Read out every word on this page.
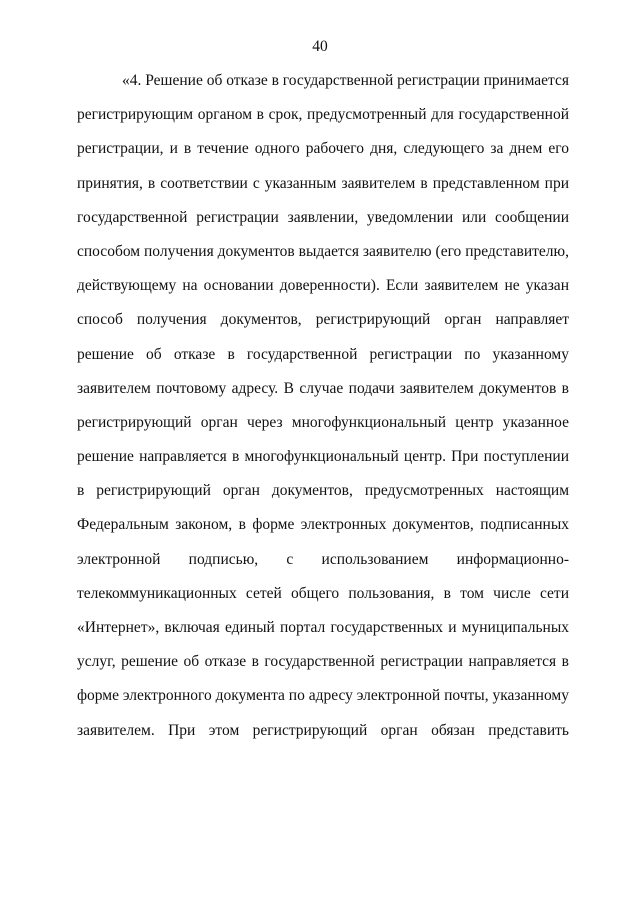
40
«4. Решение об отказе в государственной регистрации принимается
регистрирующим органом в срок, предусмотренный для государственной
регистрации, и в течение одного рабочего дня, следующего за днем его
принятия, в соответствии с указанным заявителем в представленном при
государственной регистрации заявлении, уведомлении или сообщении
способом получения документов выдается заявителю (его представителю,
действующему на основании доверенности). Если заявителем не указан
способ получения документов, регистрирующий орган направляет
решение об отказе в государственной регистрации по указанному
заявителем почтовому адресу. В случае подачи заявителем документов в
регистрирующий орган через многофункциональный центр указанное
решение направляется в многофункциональный центр. При поступлении
в регистрирующий орган документов, предусмотренных настоящим
Федеральным законом, в форме электронных документов, подписанных
электронной подписью, с использованием информационно-
телекоммуникационных сетей общего пользования, в том числе сети
«Интернет», включая единый портал государственных и муниципальных
услуг, решение об отказе в государственной регистрации направляется в
форме электронного документа по адресу электронной почты, указанному
заявителем. При этом регистрирующий орган обязан представить
